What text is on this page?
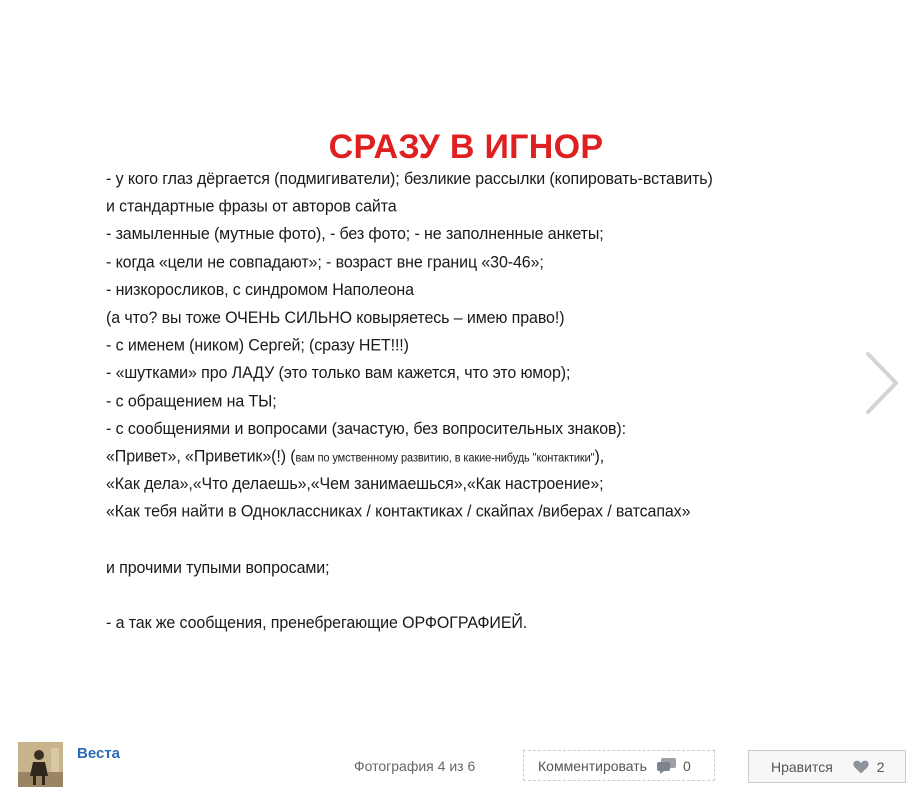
СРАЗУ В ИГНОР
- у кого глаз дёргается (подмигиватели); безликие рассылки (копировать-вставить)
и стандартные фразы от авторов сайта
- замыленные (мутные фото), - без фото; - не заполненные анкеты;
- когда «цели не совпадают»; - возраст вне границ «30-46»;
- низкоросликов, с синдромом Наполеона
(а что? вы тоже ОЧЕНЬ СИЛЬНО ковыряетесь – имею право!)
- с именем (ником) Сергей; (сразу НЕТ!!!)
- «шутками» про ЛАДУ (это только вам кажется, что это юмор);
- с обращением на ТЫ;
- с сообщениями и вопросами (зачастую, без вопросительных знаков):
«Привет», «Приветик»(!) (вам по умственному развитию, в какие-нибудь "контактики"),
«Как дела»,«Что делаешь»,«Чем занимаешься»,«Как настроение»;
«Как тебя найти в Одноклассниках / контактиках / скайпах /виберах / ватсапах»
и прочими тупыми вопросами;
- а так же сообщения, пренебрегающие ОРФОГРАФИЕЙ.
Веста
Фотография 4 из 6	Комментировать	0	Нравится	2
